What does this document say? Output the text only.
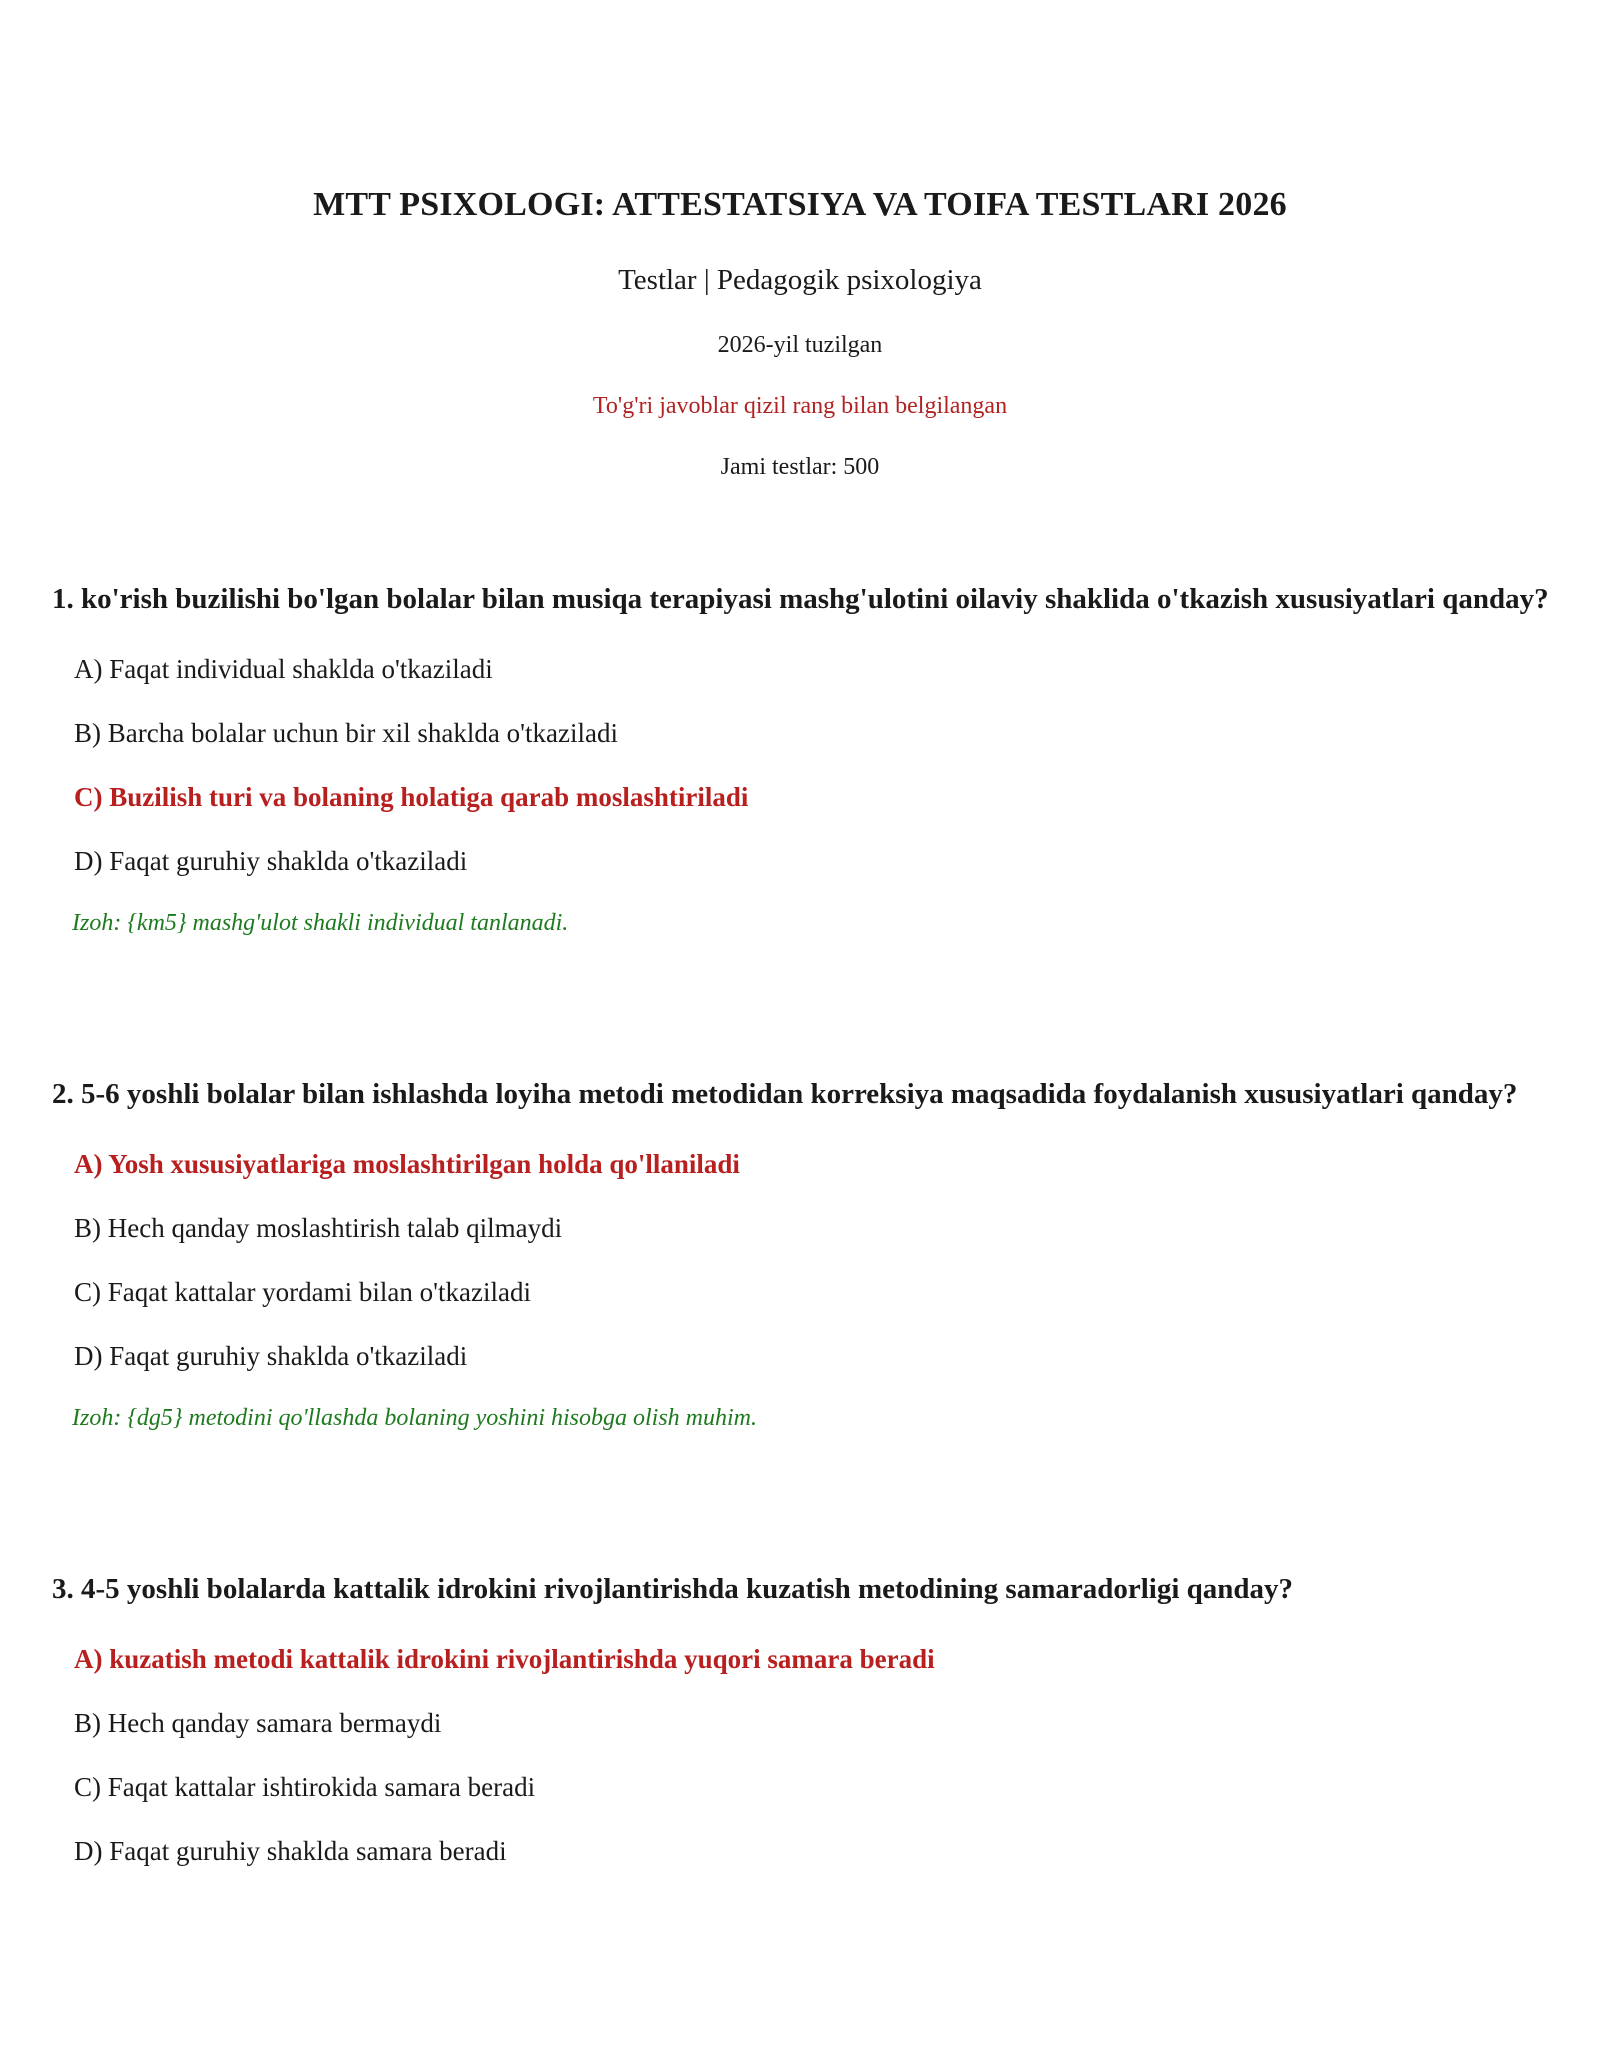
MTT PSIXOLOGI: ATTESTATSIYA VA TOIFA TESTLARI 2026
Testlar | Pedagogik psixologiya
2026-yil tuzilgan
To'g'ri javoblar qizil rang bilan belgilangan
Jami testlar: 500

1. ko'rish buzilishi bo'lgan bolalar bilan musiqa terapiyasi mashg'ulotini oilaviy shaklida o'tkazish xususiyatlari qanday?

A) Faqat individual shaklda o'tkaziladi
B) Barcha bolalar uchun bir xil shaklda o'tkaziladi
C) Buzilish turi va bolaning holatiga qarab moslashtiriladi
D) Faqat guruhiy shaklda o'tkaziladi
Izoh: {km5} mashg'ulot shakli individual tanlanadi.

2. 5-6 yoshli bolalar bilan ishlashda loyiha metodi metodidan korreksiya maqsadida foydalanish xususiyatlari qanday?

A) Yosh xususiyatlariga moslashtirilgan holda qo'llaniladi
B) Hech qanday moslashtirish talab qilmaydi
C) Faqat kattalar yordami bilan o'tkaziladi
D) Faqat guruhiy shaklda o'tkaziladi
Izoh: {dg5} metodini qo'llashda bolaning yoshini hisobga olish muhim.

3. 4-5 yoshli bolalarda kattalik idrokini rivojlantirishda kuzatish metodining samaradorligi qanday?

A) kuzatish metodi kattalik idrokini rivojlantirishda yuqori samara beradi
B) Hech qanday samara bermaydi
C) Faqat kattalar ishtirokida samara beradi
D) Faqat guruhiy shaklda samara beradi
